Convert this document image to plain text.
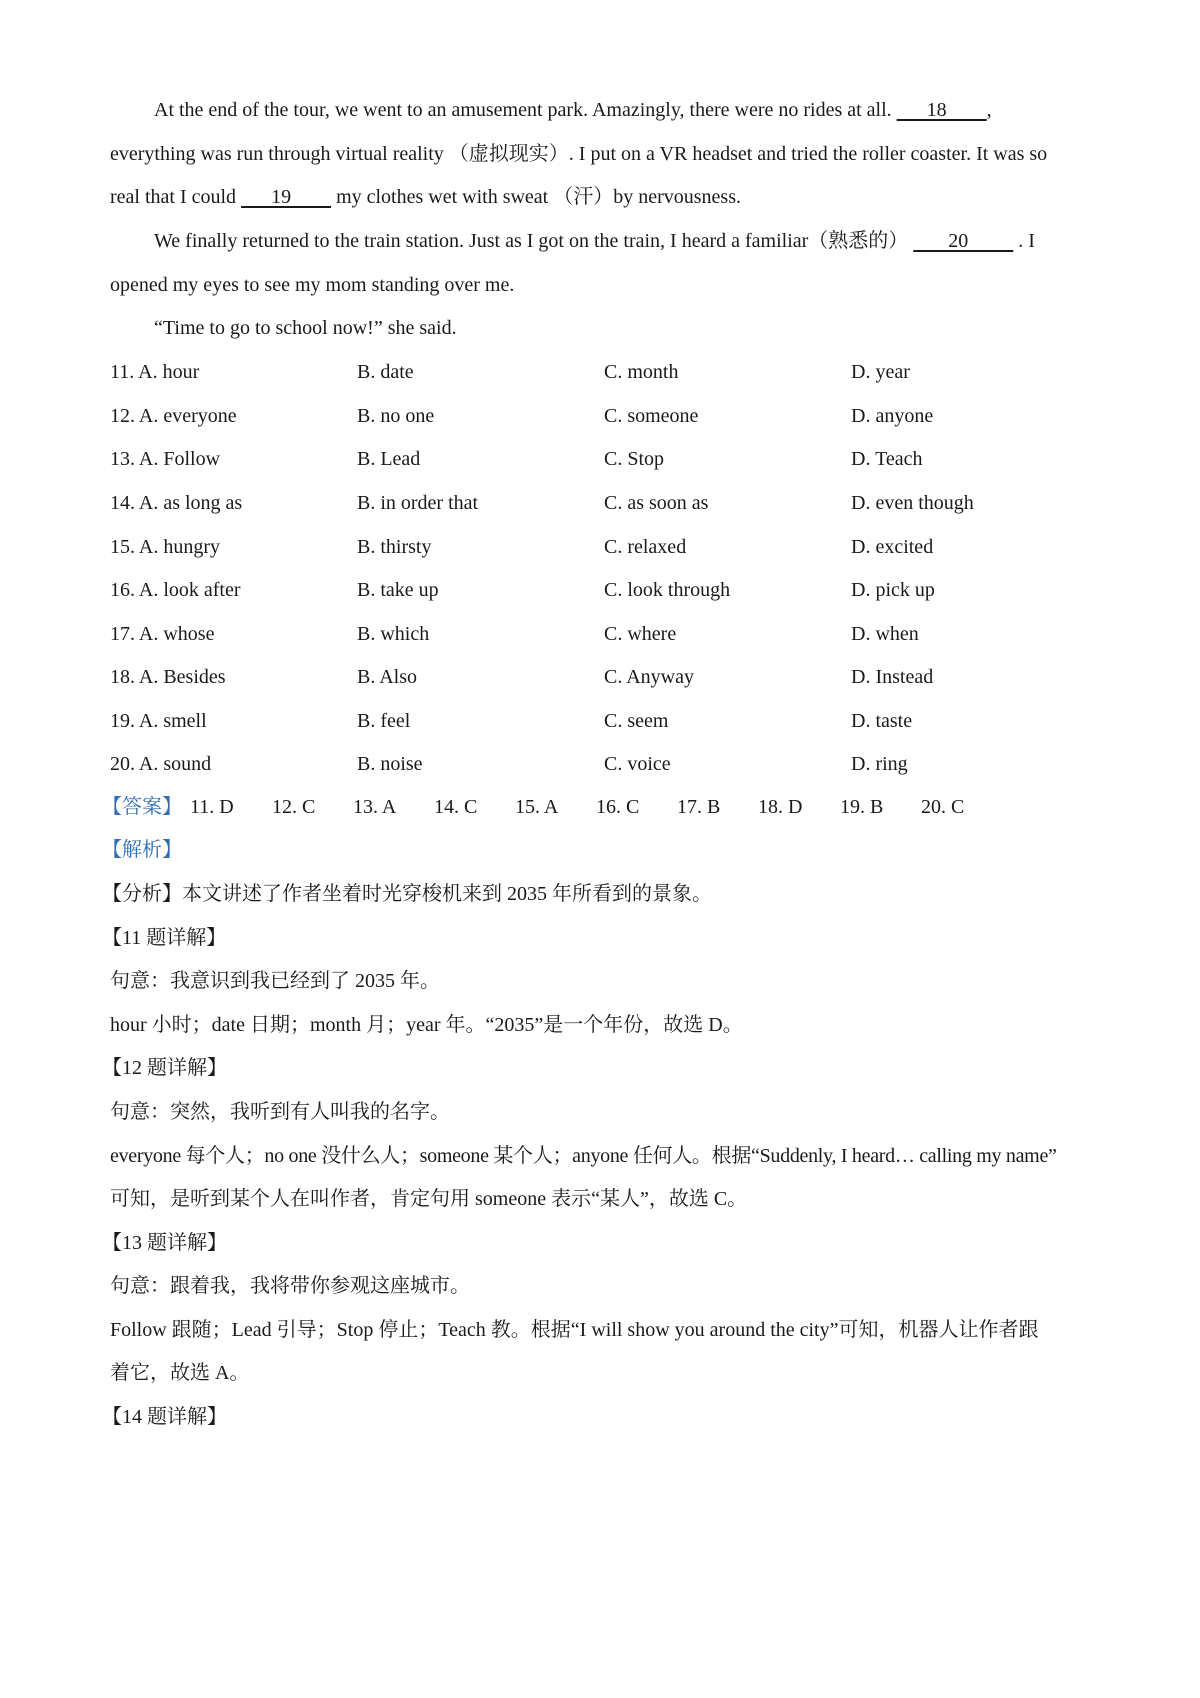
At the end of the tour, we went to an amusement park. Amazingly, there were no rides at all.       18        ,
everything was run through virtual reality （虚拟现实）. I put on a VR headset and tried the roller coaster. It was so
real that I could       19         my clothes wet with sweat （汗）by nervousness.
We finally returned to the train station. Just as I got on the train, I heard a familiar（熟悉的）        20          . I
opened my eyes to see my mom standing over me.
“Time to go to school now!” she said.
11. A. hour	B. date	C. month	D. year
12. A. everyone	B. no one	C. someone	D. anyone
13. A. Follow	B. Lead	C. Stop	D. Teach
14. A. as long as	B. in order that	C. as soon as	D. even though
15. A. hungry	B. thirsty	C. relaxed	D. excited
16. A. look after	B. take up	C. look through	D. pick up
17. A. whose	B. which	C. where	D. when
18. A. Besides	B. Also	C. Anyway	D. Instead
19. A. smell	B. feel	C. seem	D. taste
20. A. sound	B. noise	C. voice	D. ring
【答案】 11. D 12. C 13. A 14. C 15. A 16. C 17. B 18. D 19. B 20. C
【解析】
【分析】本文讲述了作者坐着时光穿梭机来到 2035 年所看到的景象。
【11 题详解】
句意：我意识到我已经到了 2035 年。
hour 小时；date 日期；month 月；year 年。“2035”是一个年份，故选 D。
【12 题详解】
句意：突然，我听到有人叫我的名字。
everyone 每个人；no one 没什么人；someone 某个人；anyone 任何人。根据“Suddenly, I heard… calling my name”
可知，是听到某个人在叫作者，肯定句用 someone 表示“某人”，故选 C。
【13 题详解】
句意：跟着我，我将带你参观这座城市。
Follow 跟随；Lead 引导；Stop 停止；Teach 教。根据“I will show you around the city”可知，机器人让作者跟
着它，故选 A。
【14 题详解】
